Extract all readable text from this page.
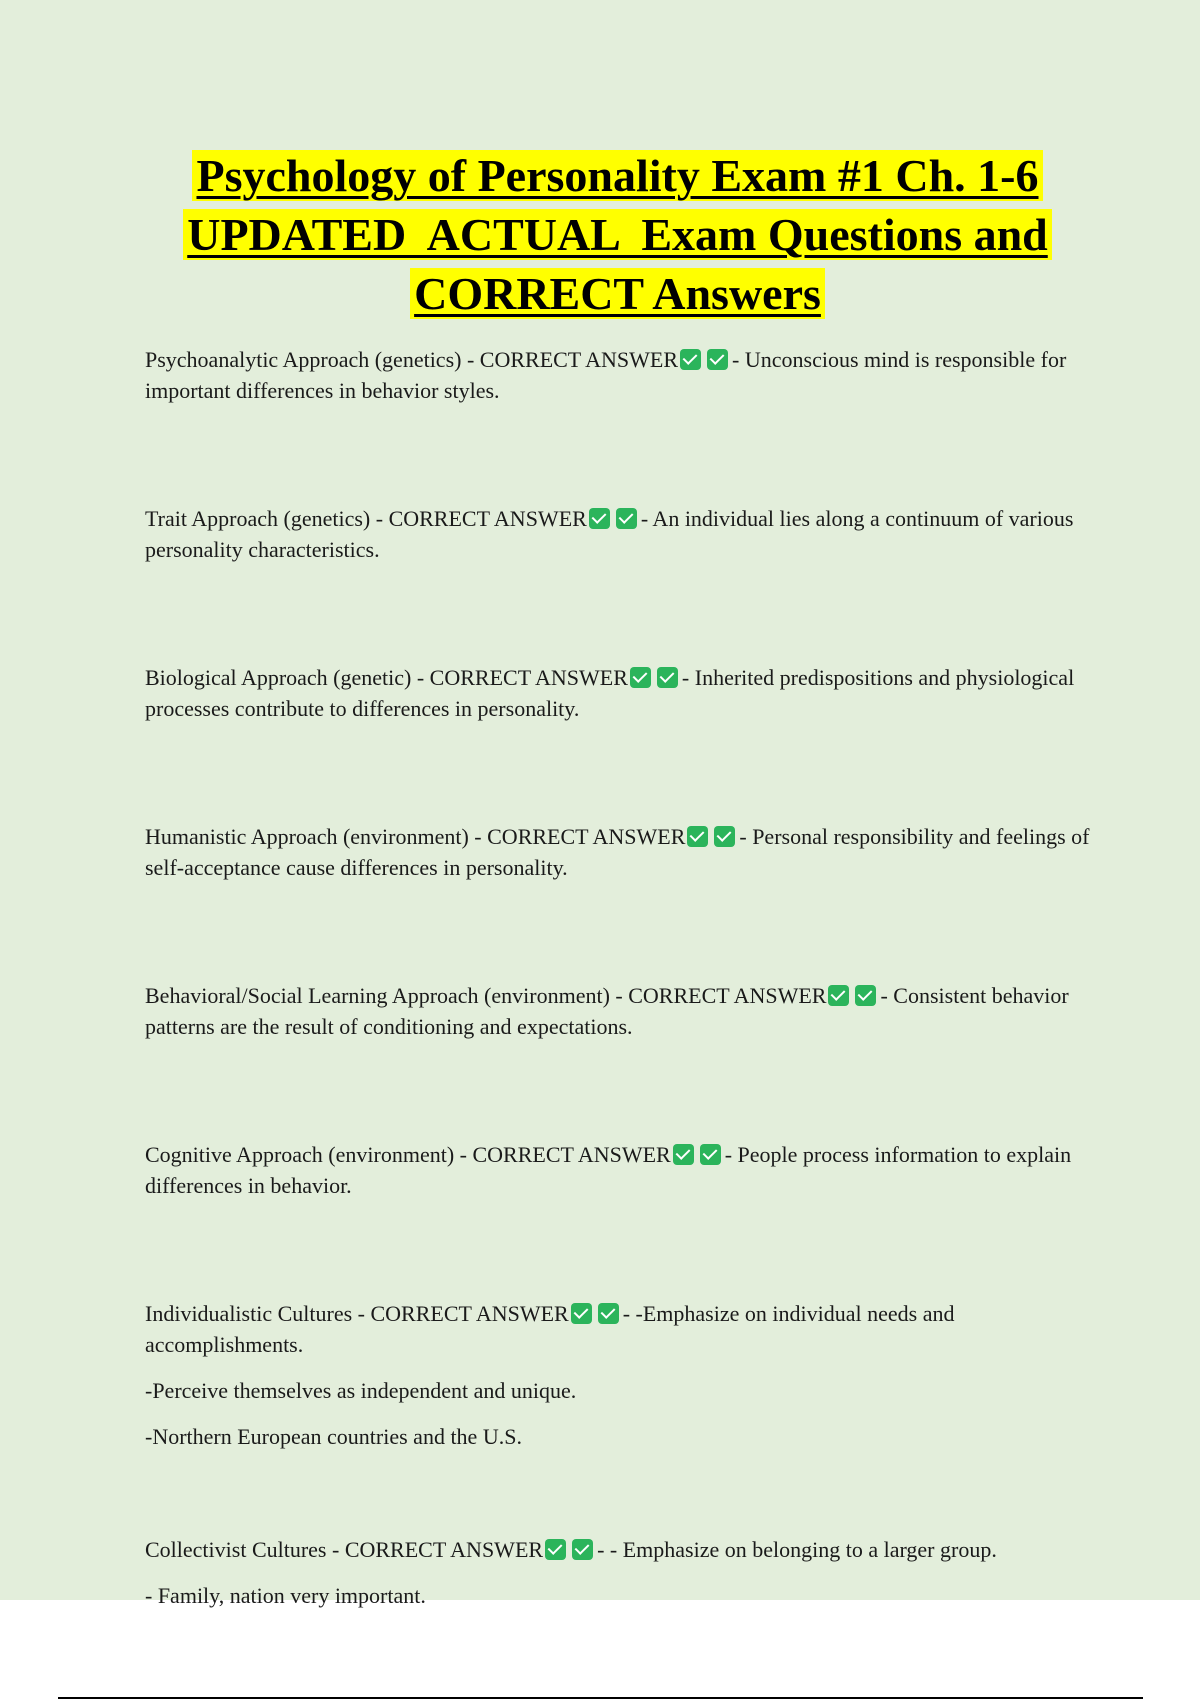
Psychology of Personality Exam #1 Ch. 1-6
UPDATED  ACTUAL  Exam Questions and
CORRECT Answers

Psychoanalytic Approach (genetics) - CORRECT ANSWER - Unconscious mind is responsible for important differences in behavior styles.

Trait Approach (genetics) - CORRECT ANSWER - An individual lies along a continuum of various personality characteristics.

Biological Approach (genetic) - CORRECT ANSWER - Inherited predispositions and physiological processes contribute to differences in personality.

Humanistic Approach (environment) - CORRECT ANSWER - Personal responsibility and feelings of self-acceptance cause differences in personality.

Behavioral/Social Learning Approach (environment) - CORRECT ANSWER - Consistent behavior patterns are the result of conditioning and expectations.

Cognitive Approach (environment) - CORRECT ANSWER - People process information to explain differences in behavior.

Individualistic Cultures - CORRECT ANSWER - -Emphasize on individual needs and accomplishments.

-Perceive themselves as independent and unique.

-Northern European countries and the U.S.

Collectivist Cultures - CORRECT ANSWER - - Emphasize on belonging to a larger group.

- Family, nation very important.
